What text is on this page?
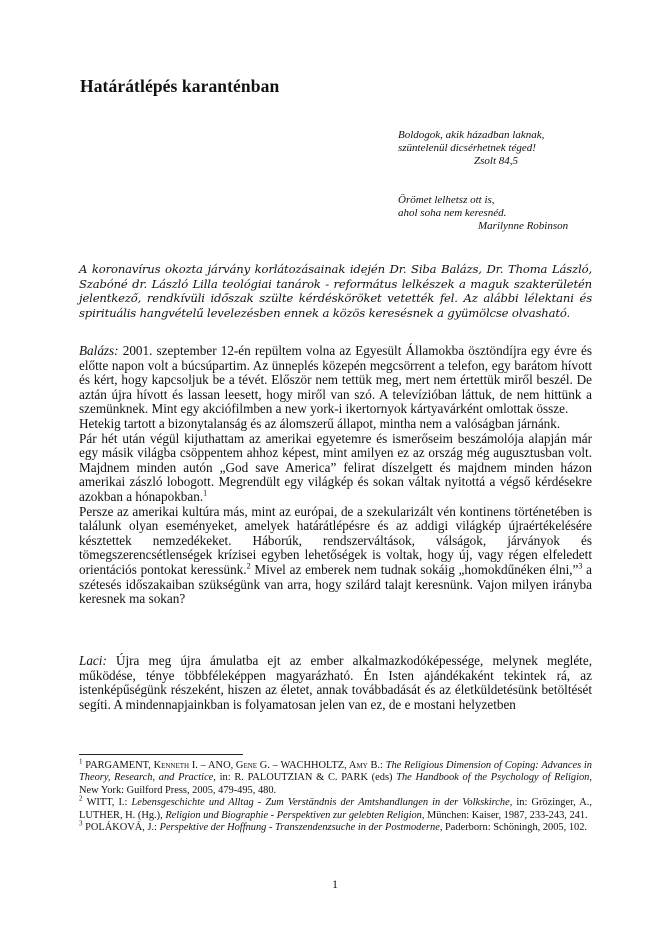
Határátlépés karanténban
Boldogok, akik házadban laknak,
szüntelenül dicsérhetnek téged!
Zsolt 84,5
Örömet lelhetsz ott is,
ahol soha nem keresnéd.
Marilynne Robinson

A koronavírus okozta járvány korlátozásainak idején Dr. Siba Balázs, Dr. Thoma László, Szabóné dr. László Lilla teológiai tanárok - református lelkészek a maguk szakterületén jelentkező, rendkívüli időszak szülte kérdésköröket vetették fel. Az alábbi lélektani és spirituális hangvételű levelezésben ennek a közös keresésnek a gyümölcse olvasható.

Balázs: 2001. szeptember 12-én repültem volna az Egyesült Államokba ösztöndíjra egy évre és előtte napon volt a búcsúpartim. Az ünneplés közepén megcsörrent a telefon, egy barátom hívott és kért, hogy kapcsoljuk be a tévét. Először nem tettük meg, mert nem értettük miről beszél. De aztán újra hívott és lassan leesett, hogy miről van szó. A televízióban láttuk, de nem hittünk a szemünknek. Mint egy akciófilmben a new york-i ikertornyok kártyavárként omlottak össze.

Hetekig tartott a bizonytalanság és az álomszerű állapot, mintha nem a valóságban járnánk.

Pár hét után végül kijuthattam az amerikai egyetemre és ismerőseim beszámolója alapján már egy másik világba csöppentem ahhoz képest, mint amilyen ez az ország még augusztusban volt. Majdnem minden autón „God save America” felirat díszelgett és majdnem minden házon amerikai zászló lobogott. Megrendült egy világkép és sokan váltak nyitottá a végső kérdésekre azokban a hónapokban.$^1$

Persze az amerikai kultúra más, mint az európai, de a szekularizált vén kontinens történetében is találunk olyan eseményeket, amelyek határátlépésre és az addigi világkép újraértékelésére késztettek nemzedékeket. Háborúk, rendszerváltások, válságok, járványok és tömegszerencsétlenségek krízisei egyben lehetőségek is voltak, hogy új, vagy régen elfeledett orientációs pontokat keressünk.$^2$ Mivel az emberek nem tudnak sokáig „homokdűnéken élni,”$^3$ a szétesés időszakaiban szükségünk van arra, hogy szilárd talajt keresnünk. Vajon milyen irányba keresnek ma sokan?

Laci: Újra meg újra ámulatba ejt az ember alkalmazkodóképessége, melynek megléte, működése, ténye többféleképpen magyarázható. Én Isten ajándékaként tekintek rá, az istenképűségünk részeként, hiszen az életet, annak továbbadását és az életküldetésünk betöltését segíti. A mindennapjainkban is folyamatosan jelen van ez, de e mostani helyzetben

$^1$ PARGAMENT, Kenneth I. – ANO, Gene G. – WACHHOLTZ, Amy B.: The Religious Dimension of Coping: Advances in Theory, Research, and Practice, in: R. PALOUTZIAN & C. PARK (eds) The Handbook of the Psychology of Religion, New York: Guilford Press, 2005, 479-495, 480.

$^2$ WITT, I.: Lebensgeschichte und Alltag - Zum Verständnis der Amtshandlungen in der Volkskirche, in: Grözinger, A., LUTHER, H. (Hg.), Religion und Biographie - Perspektiven zur gelebten Religion, München: Kaiser, 1987, 233-243, 241.

$^3$ POLÁKOVÁ, J.: Perspektive der Hoffnung - Transzendenzsuche in der Postmoderne, Paderborn: Schöningh, 2005, 102.

1
